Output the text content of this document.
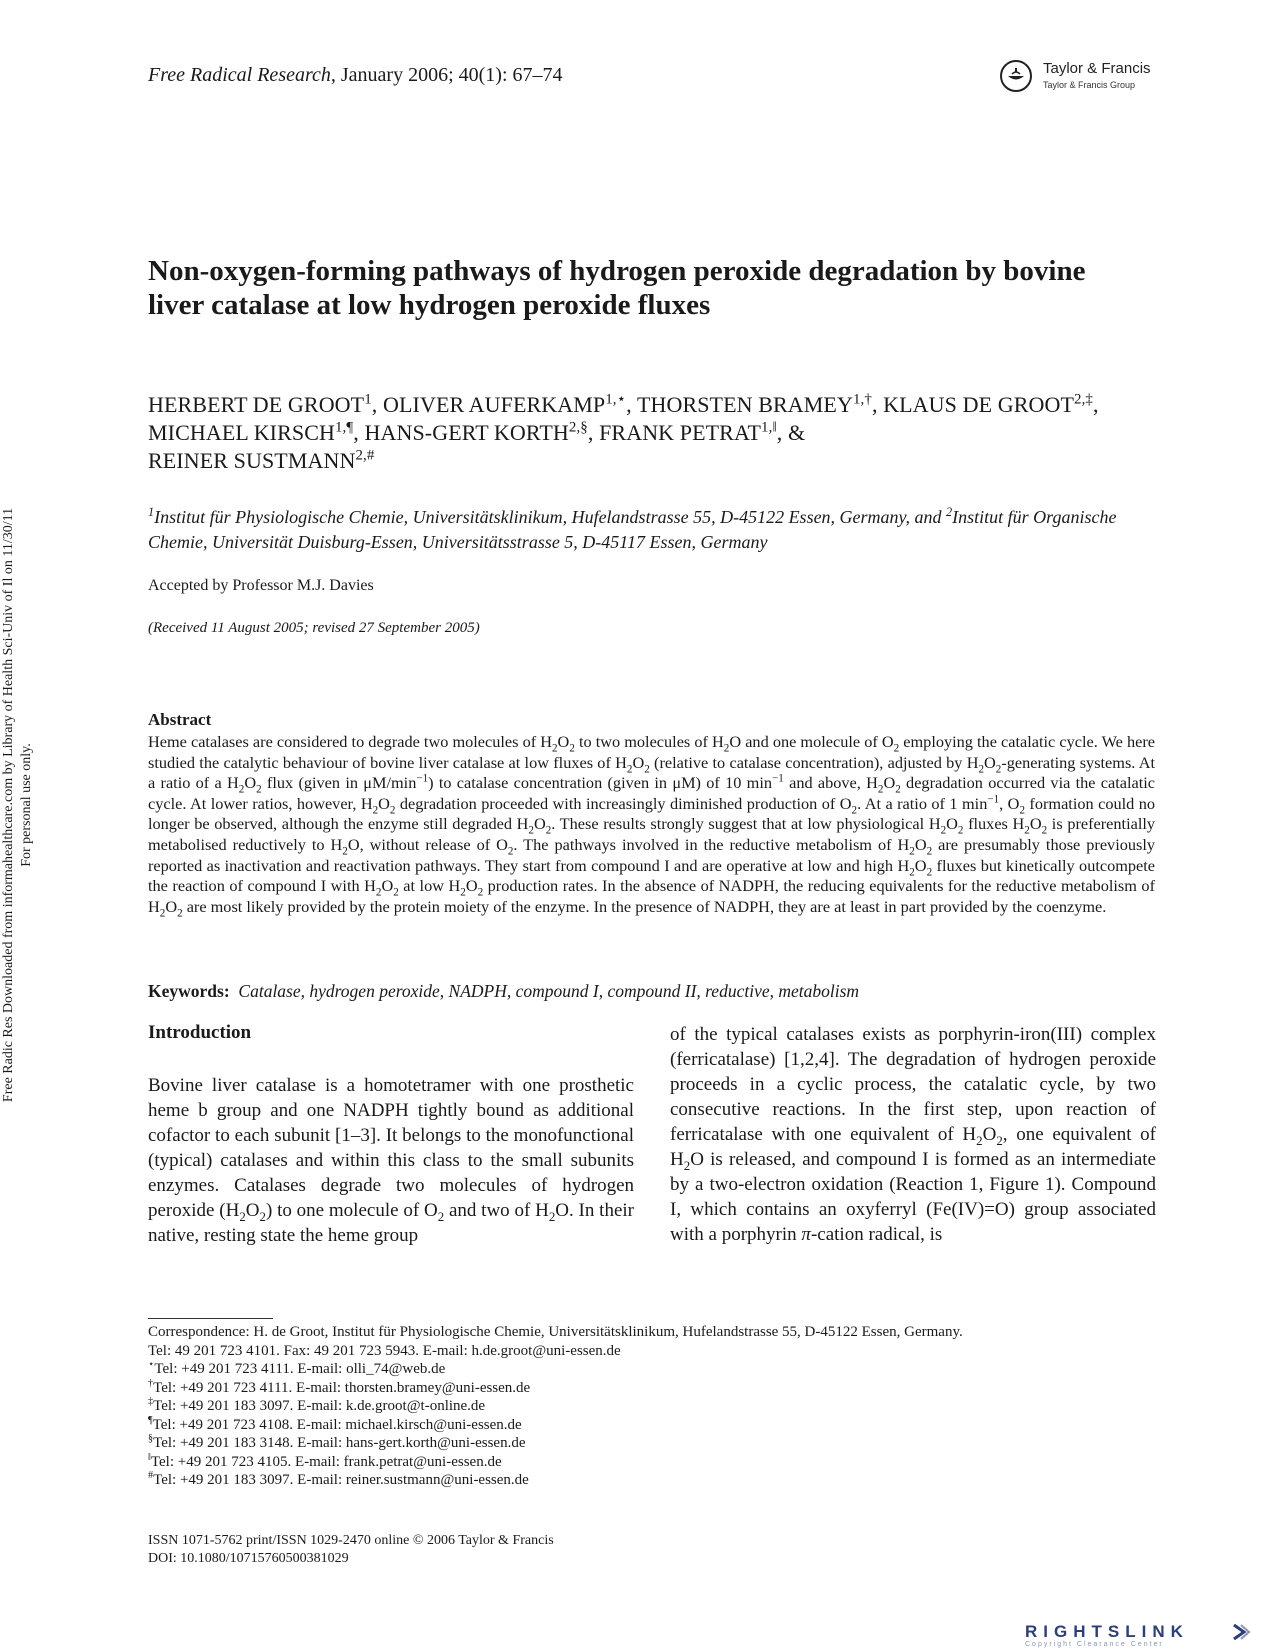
Free Radical Research, January 2006; 40(1): 67–74	Taylor & Francis
Taylor & Francis Group
Non-oxygen-forming pathways of hydrogen peroxide degradation by bovine liver catalase at low hydrogen peroxide fluxes
HERBERT DE GROOT$^1$, OLIVER $AUFERKAMP^{1,⋆}$, THORSTEN $BRAMEY^{1,\dagger}$, KLAUS DE $GROOT^{2,\ddagger}$, MICHAEL $KIRSCH^{1,\P}$, HANS-GERT $KORTH^{2,\S}$, FRANK $PETRAT^{1,‖}$, &
REINER $SUSTMANN^{2,\#}$
$^1$Institut für Physiologische Chemie, Universitätsklinikum, Hufelandstrasse 55, D-45122 Essen, Germany, and $^2$Institut für Organische Chemie, Universität Duisburg-Essen, Universitätsstrasse 5, D-45117 Essen, Germany
Accepted by Professor M.J. Davies
(Received 11 August 2005; revised 27 September 2005)
Abstract
Heme catalases are considered to degrade two molecules of $H_2O_2$ to two molecules of $H_2O$ and one molecule of $O_2$ employing the catalatic cycle. We here studied the catalytic behaviour of bovine liver catalase at low fluxes of $H_2O_2$ (relative to catalase concentration), adjusted by $H_2O_2$-generating systems. At a ratio of a $H_2O_2$ flux (given in $\mu M/\min^{-1}$) to catalase concentration (given in μM) of 10 $\min^{-1}$ and above, $H_2O_2$ degradation occurred via the catalatic cycle. At lower ratios, however, $H_2O_2$ degradation proceeded with increasingly diminished production of $O_2$. At a ratio of 1 $\min^{-1}$, $O_2$ formation could no longer be observed, although the enzyme still degraded $H_2O_2$. These results strongly suggest that at low physiological $H_2O_2$ fluxes $H_2O_2$ is preferentially metabolised reductively to $H_2O$, without release of $O_2$. The pathways involved in the reductive metabolism of $H_2O_2$ are presumably those previously reported as inactivation and reactivation pathways. They start from compound I and are operative at low and high $H_2O_2$ fluxes but kinetically outcompete the reaction of compound I with $H_2O_2$ at low $H_2O_2$ production rates. In the absence of NADPH, the reducing equivalents for the reductive metabolism of $H_2O_2$ are most likely provided by the protein moiety of the enzyme. In the presence of NADPH, they are at least in part provided by the coenzyme.
Keywords: Catalase, hydrogen peroxide, NADPH, compound I, compound II, reductive, metabolism
Introduction
Bovine liver catalase is a homotetramer with one prosthetic heme b group and one NADPH tightly bound as additional cofactor to each subunit [1–3]. It belongs to the monofunctional (typical) catalases and within this class to the small subunits enzymes. Catalases degrade two molecules of hydrogen peroxide $(H_2O_2)$ to one molecule of $O_2$ and two of $H_2O$. In their native, resting state the heme group
of the typical catalases exists as porphyrin-iron(III) complex (ferricatalase) [1,2,4]. The degradation of hydrogen peroxide proceeds in a cyclic process, the catalatic cycle, by two consecutive reactions. In the first step, upon reaction of ferricatalase with one equivalent of $H_2O_2$, one equivalent of $H_2O$ is released, and compound I is formed as an intermediate by a two-electron oxidation (Reaction 1, Figure 1). Compound I, which contains an oxyferryl (Fe(IV)=O) group associated with a porphyrin π-cation radical, is
Correspondence: H. de Groot, Institut für Physiologische Chemie, Universitätsklinikum, Hufelandstrasse 55, D-45122 Essen, Germany.
Tel: 49 201 723 4101. Fax: 49 201 723 5943. E-mail: h.de.groot@uni-essen.de
⋆Tel: +49 201 723 4111. E-mail: olli_74@web.de
†Tel: +49 201 723 4111. E-mail: thorsten.bramey@uni-essen.de
‡Tel: +49 201 183 3097. E-mail: k.de.groot@t-online.de
¶Tel: +49 201 723 4108. E-mail: michael.kirsch@uni-essen.de
§Tel: +49 201 183 3148. E-mail: hans-gert.korth@uni-essen.de
‖Tel: +49 201 723 4105. E-mail: frank.petrat@uni-essen.de
#Tel: +49 201 183 3097. E-mail: reiner.sustmann@uni-essen.de
ISSN 1071-5762 print/ISSN 1029-2470 online © 2006 Taylor & Francis
DOI: 10.1080/10715760500381029
Free Radic Res Downloaded from informahealthcare.com by Library of Health Sci-Univ of Il on 11/30/11 For personal use only.
RIGHTSLINK
Copyright Clearance Center
